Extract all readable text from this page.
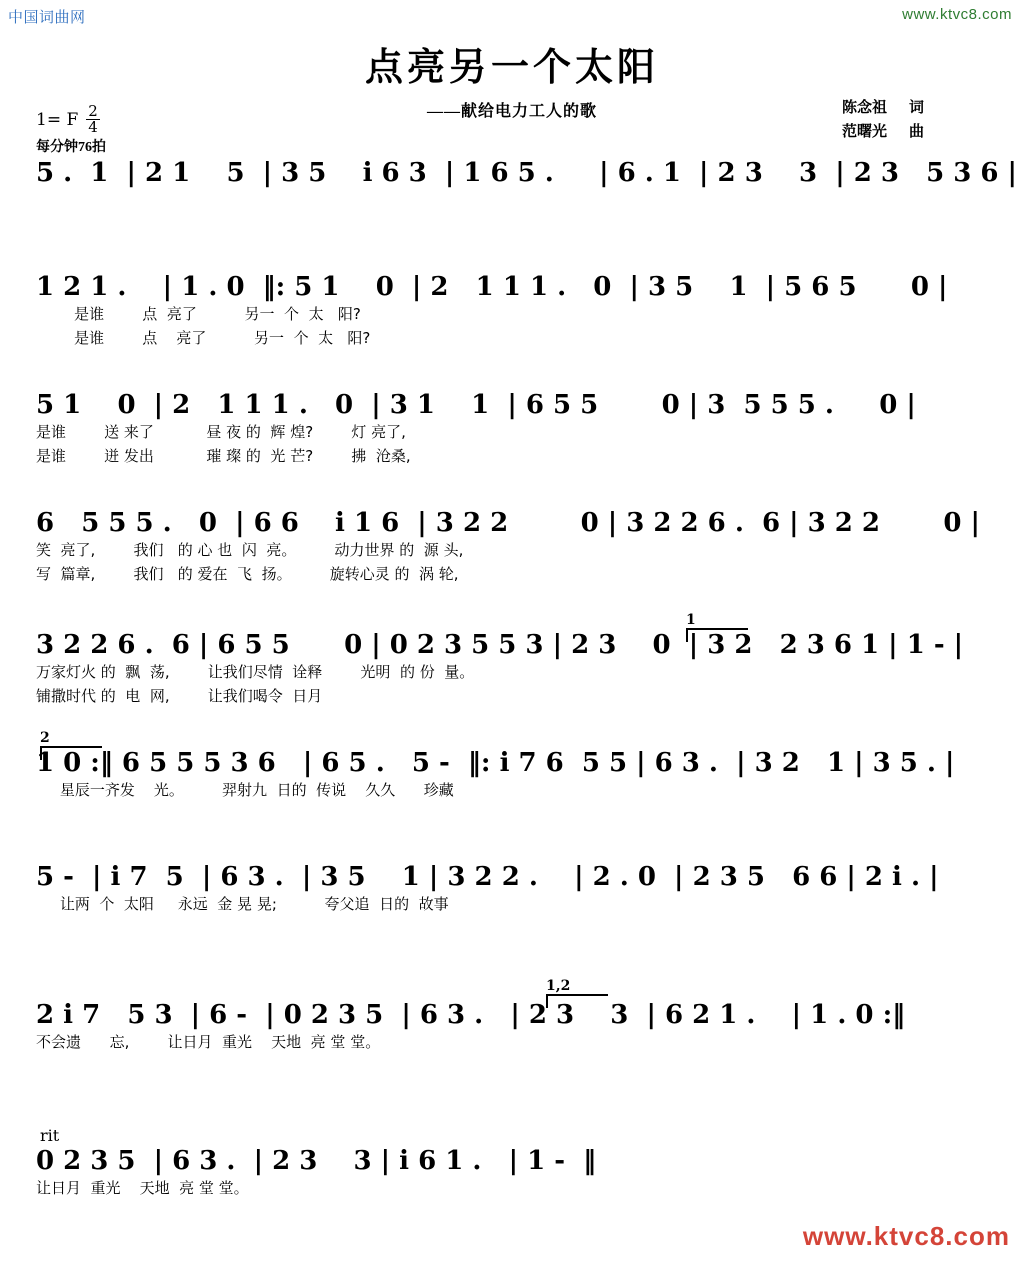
中国词曲网	www.ktvc8.com
点亮另一个太阳
——献给电力工人的歌	陈念祖 词
范曙光 曲
1= F $\frac{2}{4}$
每分钟76拍
5 .  1  | 2 1    5  | 3 5    i 6 3  | 1 6 5 .     | 6 . 1  | 2 3    3  | 2 3   5 3 6 |
1 2 1 .    | 1 . 0  ‖: 5 1    0  | 2   1 1 1 .   0  | 3 5    1  | 5 6 5      0 |
是谁        点  亮了          另一  个  太   阳?
是谁        点    亮了          另一  个  太   阳?
5 1    0  | 2   1 1 1 .   0  | 3 1    1  | 6 5 5       0 | 3  5 5 5 .     0 |
是谁        送 来了           昼 夜 的  辉 煌?        灯 亮了,
是谁        迸 发出           璀 璨 的  光 芒?        拂  沧桑,
6   5 5 5 .   0  | 6 6    i 1 6  | 3 2 2        0 | 3 2 2 6 .  6 | 3 2 2       0 |
笑  亮了,        我们   的 心 也  闪  亮。        动力世界 的  源 头,
写  篇章,        我们   的 爱在  飞  扬。        旋转心灵 的  涡 轮,
1
3 2 2 6 .  6 | 6 5 5      0 | 0 2 3 5 5 3 | 2 3    0  | 3 2   2 3 6 1 | 1 - |
万家灯火 的  飘  荡,        让我们尽情  诠释        光明  的 份  量。
铺撒时代 的  电  网,        让我们喝令  日月
2
1 0 :‖ 6 5 5 5 3 6   | 6 5 .   5 -  ‖: i 7 6  5 5 | 6 3 .  | 3 2   1 | 3 5 . |
星辰一齐发    光。        羿射九  日的  传说    久久      珍藏
5 -  | i 7  5  | 6 3 .  | 3 5    1 | 3 2 2 .    | 2 . 0  | 2 3 5   6 6 | 2 i . |
让两  个  太阳     永远  金 晃 晃;          夸父追  日的  故事
1,2
2 i 7   5 3  | 6 -  | 0 2 3 5  | 6 3 .   | 2 3    3  | 6 2 1 .    | 1 . 0 :‖
不会遗      忘,        让日月  重光    天地  亮 堂 堂。
rit
0 2 3 5  | 6 3 .  | 2 3    3 | i 6 1 .   | 1 -  ‖
让日月  重光    天地  亮 堂 堂。
www.ktvc8.com
